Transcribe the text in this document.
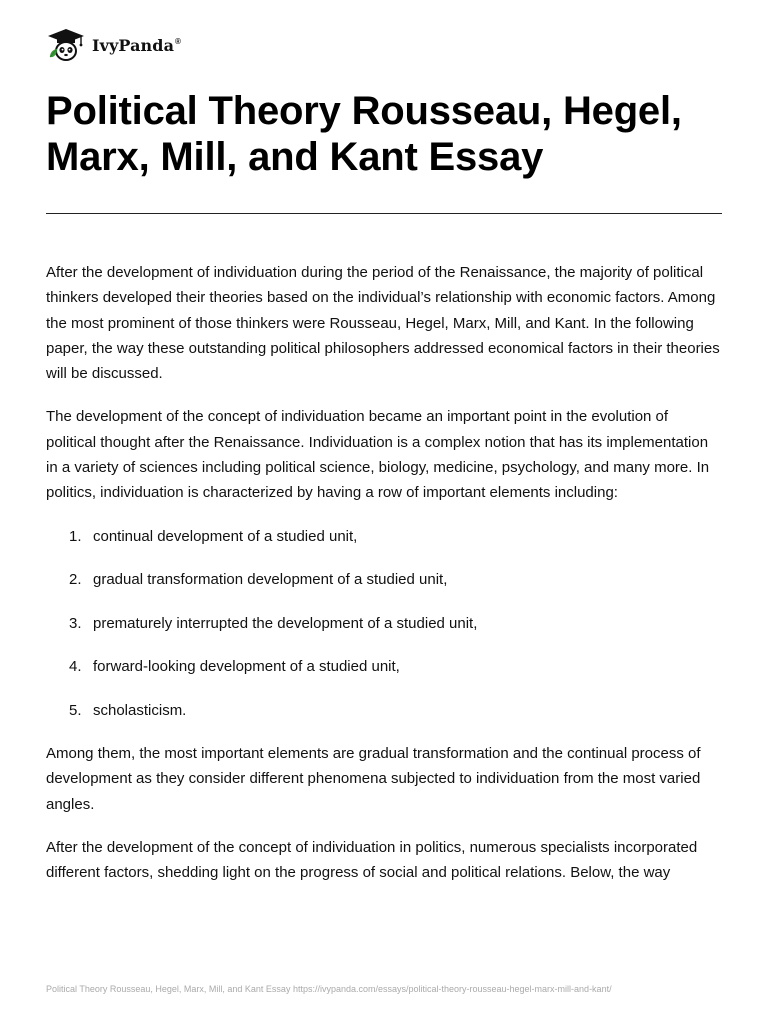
IvyPanda®
Political Theory Rousseau, Hegel, Marx, Mill, and Kant Essay

After the development of individuation during the period of the Renaissance, the majority of political thinkers developed their theories based on the individual’s relationship with economic factors. Among the most prominent of those thinkers were Rousseau, Hegel, Marx, Mill, and Kant. In the following paper, the way these outstanding political philosophers addressed economical factors in their theories will be discussed.

The development of the concept of individuation became an important point in the evolution of political thought after the Renaissance. Individuation is a complex notion that has its implementation in a variety of sciences including political science, biology, medicine, psychology, and many more. In politics, individuation is characterized by having a row of important elements including:

1. continual development of a studied unit,
2. gradual transformation development of a studied unit,
3. prematurely interrupted the development of a studied unit,
4. forward-looking development of a studied unit,
5. scholasticism.

Among them, the most important elements are gradual transformation and the continual process of development as they consider different phenomena subjected to individuation from the most varied angles.

After the development of the concept of individuation in politics, numerous specialists incorporated different factors, shedding light on the progress of social and political relations. Below, the way

Political Theory Rousseau, Hegel, Marx, Mill, and Kant Essay https://ivypanda.com/essays/political-theory-rousseau-hegel-marx-mill-and-kant/
